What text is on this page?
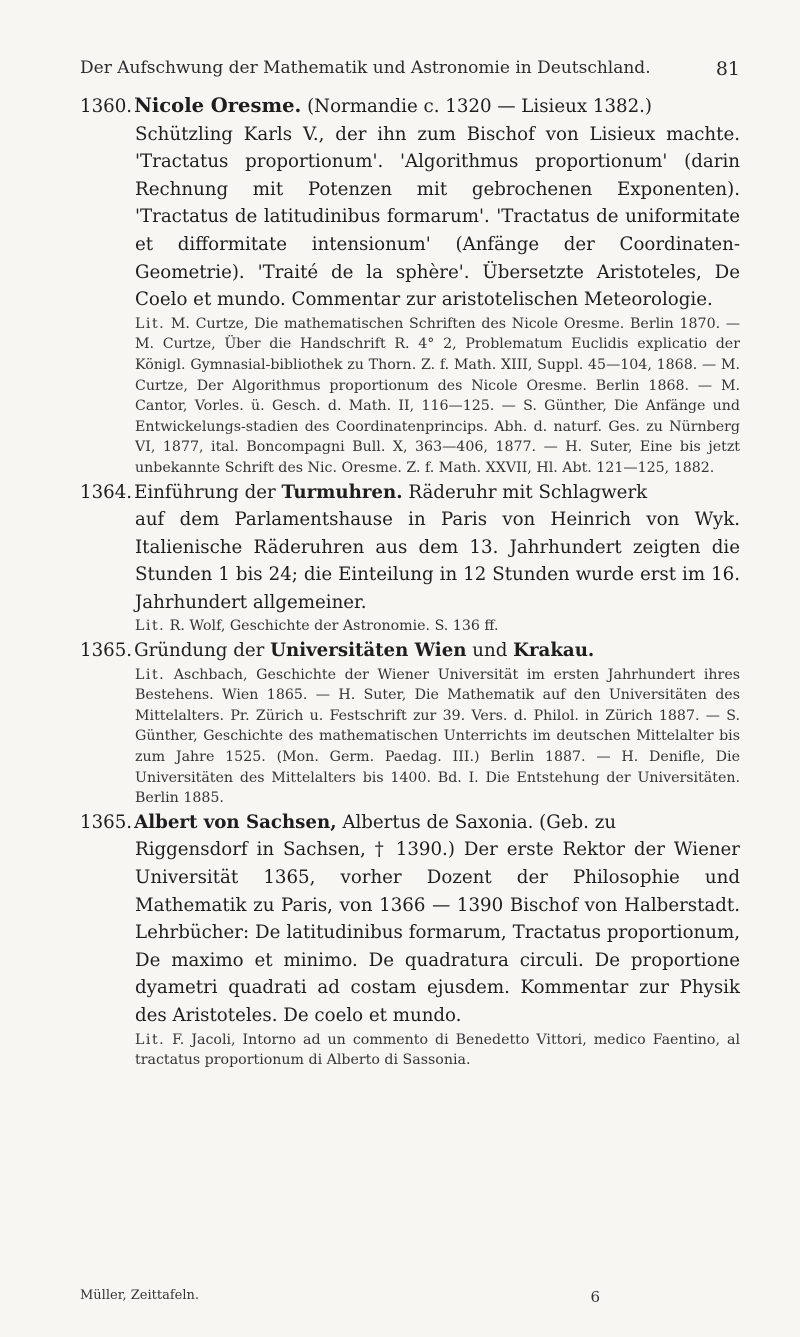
Der Aufschwung der Mathematik und Astronomie in Deutschland.	81
1360. Nicole Oresme. (Normandie c. 1320 — Lisieux 1382.)
Schützling Karls V., der ihn zum Bischof von Lisieux machte. 'Tractatus proportionum'. 'Algorithmus proportionum' (darin Rechnung mit Potenzen mit gebrochenen Exponenten). 'Tractatus de latitudinibus formarum'. 'Tractatus de uniformitate et difformitate intensionum' (Anfänge der Coordinaten-Geometrie). 'Traité de la sphère'. Übersetzte Aristoteles, De Coelo et mundo. Commentar zur aristotelischen Meteorologie.
Lit. M. Curtze, Die mathematischen Schriften des Nicole Oresme. Berlin 1870. — M. Curtze, Über die Handschrift R. 4° 2, Problematum Euclidis explicatio der Königl. Gymnasial-bibliothek zu Thorn. Z. f. Math. XIII, Suppl. 45—104, 1868. — M. Curtze, Der Algorithmus proportionum des Nicole Oresme. Berlin 1868. — M. Cantor, Vorles. ü. Gesch. d. Math. II, 116—125. — S. Günther, Die Anfänge und Entwickelungs-stadien des Coordinatenprincips. Abh. d. naturf. Ges. zu Nürnberg VI, 1877, ital. Boncompagni Bull. X, 363—406, 1877. — H. Suter, Eine bis jetzt unbekannte Schrift des Nic. Oresme. Z. f. Math. XXVII, Hl. Abt. 121—125, 1882.
1364. Einführung der Turmuhren. Räderuhr mit Schlagwerk
auf dem Parlamentshause in Paris von Heinrich von Wyk. Italienische Räderuhren aus dem 13. Jahrhundert zeigten die Stunden 1 bis 24; die Einteilung in 12 Stunden wurde erst im 16. Jahrhundert allgemeiner.
Lit. R. Wolf, Geschichte der Astronomie. S. 136 ff.
1365. Gründung der Universitäten Wien und Krakau.
Lit. Aschbach, Geschichte der Wiener Universität im ersten Jahrhundert ihres Bestehens. Wien 1865. — H. Suter, Die Mathematik auf den Universitäten des Mittelalters. Pr. Zürich u. Festschrift zur 39. Vers. d. Philol. in Zürich 1887. — S. Günther, Geschichte des mathematischen Unterrichts im deutschen Mittelalter bis zum Jahre 1525. (Mon. Germ. Paedag. III.) Berlin 1887. — H. Denifle, Die Universitäten des Mittelalters bis 1400. Bd. I. Die Entstehung der Universitäten. Berlin 1885.
1365. Albert von Sachsen, Albertus de Saxonia. (Geb. zu
Riggensdorf in Sachsen, † 1390.) Der erste Rektor der Wiener Universität 1365, vorher Dozent der Philosophie und Mathematik zu Paris, von 1366 — 1390 Bischof von Halberstadt. Lehrbücher: De latitudinibus formarum, Tractatus proportionum, De maximo et minimo. De quadratura circuli. De proportione dyametri quadrati ad costam ejusdem. Kommentar zur Physik des Aristoteles. De coelo et mundo.
Lit. F. Jacoli, Intorno ad un commento di Benedetto Vittori, medico Faentino, al tractatus proportionum di Alberto di Sassonia.
Müller, Zeittafeln.	6
